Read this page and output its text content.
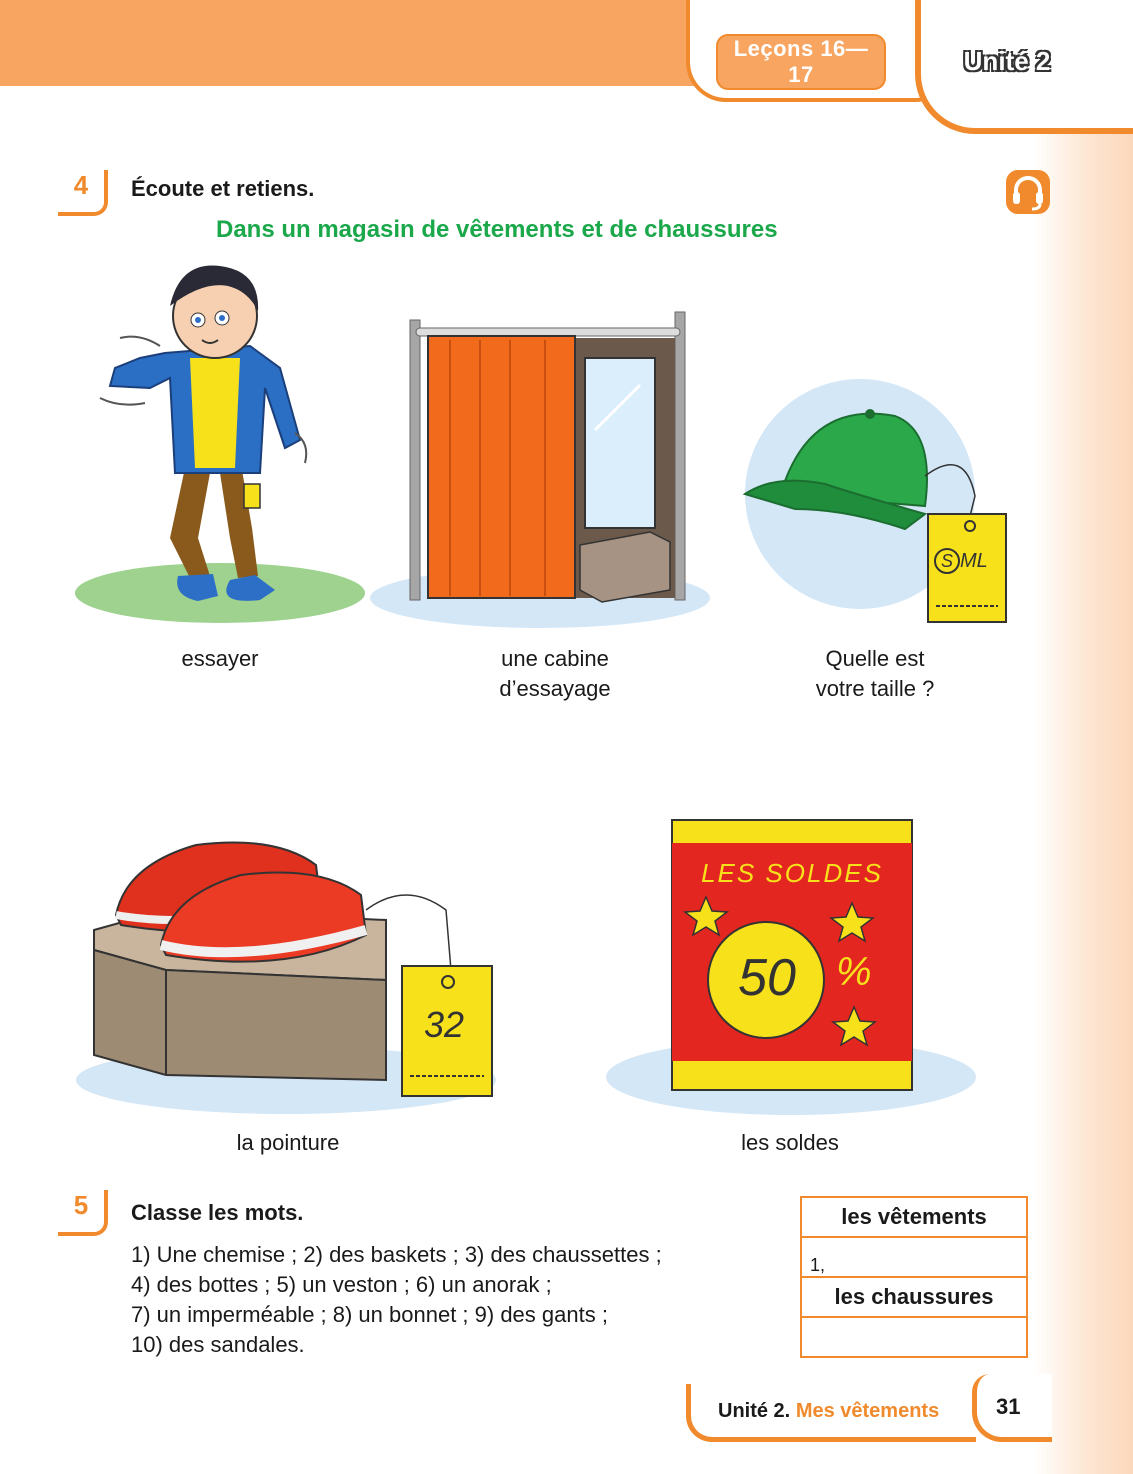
Leçons 16—17	Unité 2
4	Écoute et retiens.
Dans un magasin de vêtements et de chaussures
essayer	une cabine
d’essayage
S ML
Quelle est
votre taille ?
32
la pointure
LES SOLDES
50	%
les soldes
5	Classe les mots.
1) Une chemise ; 2) des baskets ; 3) des chaussettes ;
4) des bottes ; 5) un veston ; 6) un anorak ;
7) un imperméable ; 8) un bonnet ; 9) des gants ;
10) des sandales.
les vêtements
1,
les chaussures

Unité 2. Mes vêtements	31
